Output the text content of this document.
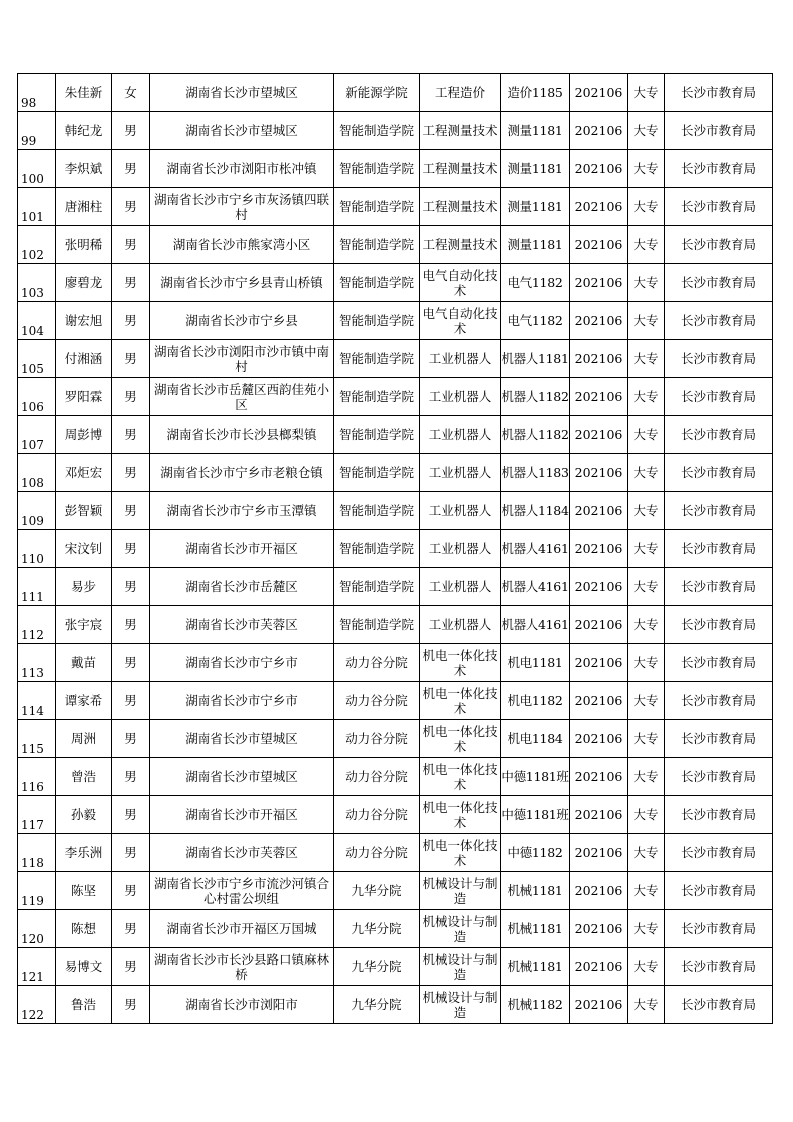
98	朱佳新	女	湖南省长沙市望城区	新能源学院	工程造价	造价1185	202106	大专	长沙市教育局
99	韩纪龙	男	湖南省长沙市望城区	智能制造学院	工程测量技术	测量1181	202106	大专	长沙市教育局
100	李炽斌	男	湖南省长沙市浏阳市枨冲镇	智能制造学院	工程测量技术	测量1181	202106	大专	长沙市教育局
101	唐湘柱	男	湖南省长沙市宁乡市灰汤镇四联村	智能制造学院	工程测量技术	测量1181	202106	大专	长沙市教育局
102	张明稀	男	湖南省长沙市熊家湾小区	智能制造学院	工程测量技术	测量1181	202106	大专	长沙市教育局
103	廖碧龙	男	湖南省长沙市宁乡县青山桥镇	智能制造学院	电气自动化技术	电气1182	202106	大专	长沙市教育局
104	谢宏旭	男	湖南省长沙市宁乡县	智能制造学院	电气自动化技术	电气1182	202106	大专	长沙市教育局
105	付湘涵	男	湖南省长沙市浏阳市沙市镇中南村	智能制造学院	工业机器人	机器人1181	202106	大专	长沙市教育局
106	罗阳霖	男	湖南省长沙市岳麓区西韵佳苑小区	智能制造学院	工业机器人	机器人1182	202106	大专	长沙市教育局
107	周彭博	男	湖南省长沙市长沙县榔梨镇	智能制造学院	工业机器人	机器人1182	202106	大专	长沙市教育局
108	邓炬宏	男	湖南省长沙市宁乡市老粮仓镇	智能制造学院	工业机器人	机器人1183	202106	大专	长沙市教育局
109	彭智颖	男	湖南省长沙市宁乡市玉潭镇	智能制造学院	工业机器人	机器人1184	202106	大专	长沙市教育局
110	宋汶钊	男	湖南省长沙市开福区	智能制造学院	工业机器人	机器人4161	202106	大专	长沙市教育局
111	易步	男	湖南省长沙市岳麓区	智能制造学院	工业机器人	机器人4161	202106	大专	长沙市教育局
112	张宇宸	男	湖南省长沙市芙蓉区	智能制造学院	工业机器人	机器人4161	202106	大专	长沙市教育局
113	戴苗	男	湖南省长沙市宁乡市	动力谷分院	机电一体化技术	机电1181	202106	大专	长沙市教育局
114	谭家希	男	湖南省长沙市宁乡市	动力谷分院	机电一体化技术	机电1182	202106	大专	长沙市教育局
115	周洲	男	湖南省长沙市望城区	动力谷分院	机电一体化技术	机电1184	202106	大专	长沙市教育局
116	曾浩	男	湖南省长沙市望城区	动力谷分院	机电一体化技术	中德1181班	202106	大专	长沙市教育局
117	孙毅	男	湖南省长沙市开福区	动力谷分院	机电一体化技术	中德1181班	202106	大专	长沙市教育局
118	李乐洲	男	湖南省长沙市芙蓉区	动力谷分院	机电一体化技术	中德1182	202106	大专	长沙市教育局
119	陈坚	男	湖南省长沙市宁乡市流沙河镇合心村雷公坝组	九华分院	机械设计与制造	机械1181	202106	大专	长沙市教育局
120	陈想	男	湖南省长沙市开福区万国城	九华分院	机械设计与制造	机械1181	202106	大专	长沙市教育局
121	易博文	男	湖南省长沙市长沙县路口镇麻林桥	九华分院	机械设计与制造	机械1181	202106	大专	长沙市教育局
122	鲁浩	男	湖南省长沙市浏阳市	九华分院	机械设计与制造	机械1182	202106	大专	长沙市教育局
